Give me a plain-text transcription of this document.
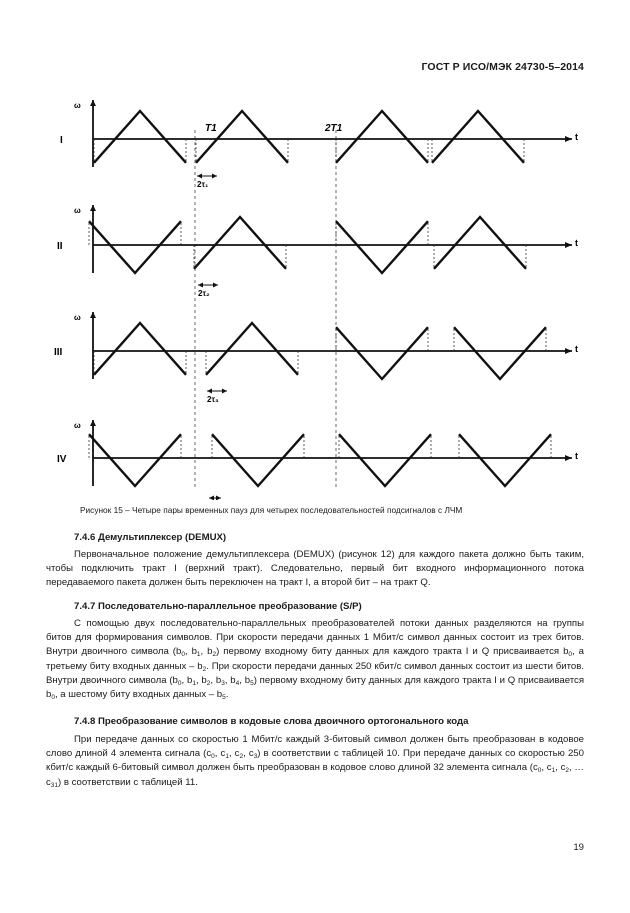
ГОСТ Р ИСО/МЭК 24730-5–2014
T1	2T1
ω
t
I
2τ₁
ω
t
II
2τ₂
ω
t
III
2τ₃
ω
t
IV
Рисунок 15 – Четыре пары временных пауз для четырех последовательностей подсигналов с ЛЧМ
7.4.6 Демультиплексер (DEMUX)
Первоначальное положение демультиплексера (DEMUX) (рисунок 12) для каждого пакета должно быть таким, чтобы подключить тракт I (верхний тракт). Следовательно, первый бит входного информационного потока передаваемого пакета должен быть переключен на тракт I, а второй бит – на тракт Q.
7.4.7 Последовательно-параллельное преобразование (S/P)
С помощью двух последовательно-параллельных преобразователей потоки данных разделяются на группы битов для формирования символов. При скорости передачи данных 1 Мбит/с символ данных состоит из трех битов. Внутри двоичного символа ($b_0$, $b_1$, $b_2$) первому входному биту данных для каждого тракта I и Q присваивается $b_0$, а третьему биту входных данных – $b_2$. При скорости передачи данных 250 кбит/с символ данных состоит из шести битов. Внутри двоичного символа ($b_0$, $b_1$, $b_2$, $b_3$, $b_4$, $b_5$) первому входному биту данных для каждого тракта I и Q присваивается $b_0$, а шестому биту входных данных – $b_5$.
7.4.8 Преобразование символов в кодовые слова двоичного ортогонального кода
При передаче данных со скоростью 1 Мбит/с каждый 3-битовый символ должен быть преобразован в кодовое слово длиной 4 элемента сигнала ($c_0$, $c_1$, $c_2$, $c_3$) в соответствии с таблицей 10. При передаче данных со скоростью 250 кбит/с каждый 6-битовый символ должен быть преобразован в кодовое слово длиной 32 элемента сигнала ($c_0$, $c_1$, $c_2$, … $c_{31}$) в соответствии с таблицей 11.
19
